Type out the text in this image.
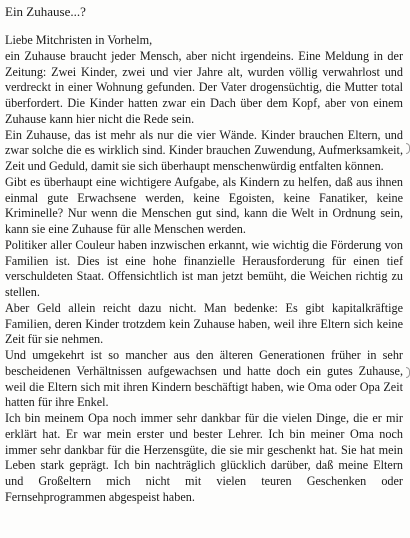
Ein Zuhause...?

Liebe Mitchristen in Vorhelm,

ein Zuhause braucht jeder Mensch, aber nicht irgendeins. Eine Meldung in der Zeitung: Zwei Kinder, zwei und vier Jahre alt, wurden völlig verwahrlost und verdreckt in einer Wohnung gefunden. Der Vater drogensüchtig, die Mutter total überfordert. Die Kinder hatten zwar ein Dach über dem Kopf, aber von einem Zuhause kann hier nicht die Rede sein.

Ein Zuhause, das ist mehr als nur die vier Wände. Kinder brauchen Eltern, und zwar solche die es wirklich sind. Kinder brauchen Zuwendung, Aufmerksamkeit, Zeit und Geduld, damit sie sich überhaupt menschenwürdig entfalten können.

Gibt es überhaupt eine wichtigere Aufgabe, als Kindern zu helfen, daß aus ihnen einmal gute Erwachsene werden, keine Egoisten, keine Fanatiker, keine Kriminelle? Nur wenn die Menschen gut sind, kann die Welt in Ordnung sein, kann sie eine Zuhause für alle Menschen werden.

Politiker aller Couleur haben inzwischen erkannt, wie wichtig die Förderung von Familien ist. Dies ist eine hohe finanzielle Herausforderung für einen tief verschuldeten Staat. Offensichtlich ist man jetzt bemüht, die Weichen richtig zu stellen.

Aber Geld allein reicht dazu nicht. Man bedenke: Es gibt kapitalkräftige Familien, deren Kinder trotzdem kein Zuhause haben, weil ihre Eltern sich keine Zeit für sie nehmen.

Und umgekehrt ist so mancher aus den älteren Generationen früher in sehr bescheidenen Verhältnissen aufgewachsen und hatte doch ein gutes Zuhause, weil die Eltern sich mit ihren Kindern beschäftigt haben, wie Oma oder Opa Zeit hatten für ihre Enkel.

Ich bin meinem Opa noch immer sehr dankbar für die vielen Dinge, die er mir erklärt hat. Er war mein erster und bester Lehrer. Ich bin meiner Oma noch immer sehr dankbar für die Herzensgüte, die sie mir geschenkt hat. Sie hat mein Leben stark geprägt. Ich bin nachträglich glücklich darüber, daß meine Eltern und Großeltern mich nicht mit vielen teuren Geschenken oder Fernsehprogrammen abgespeist haben.
